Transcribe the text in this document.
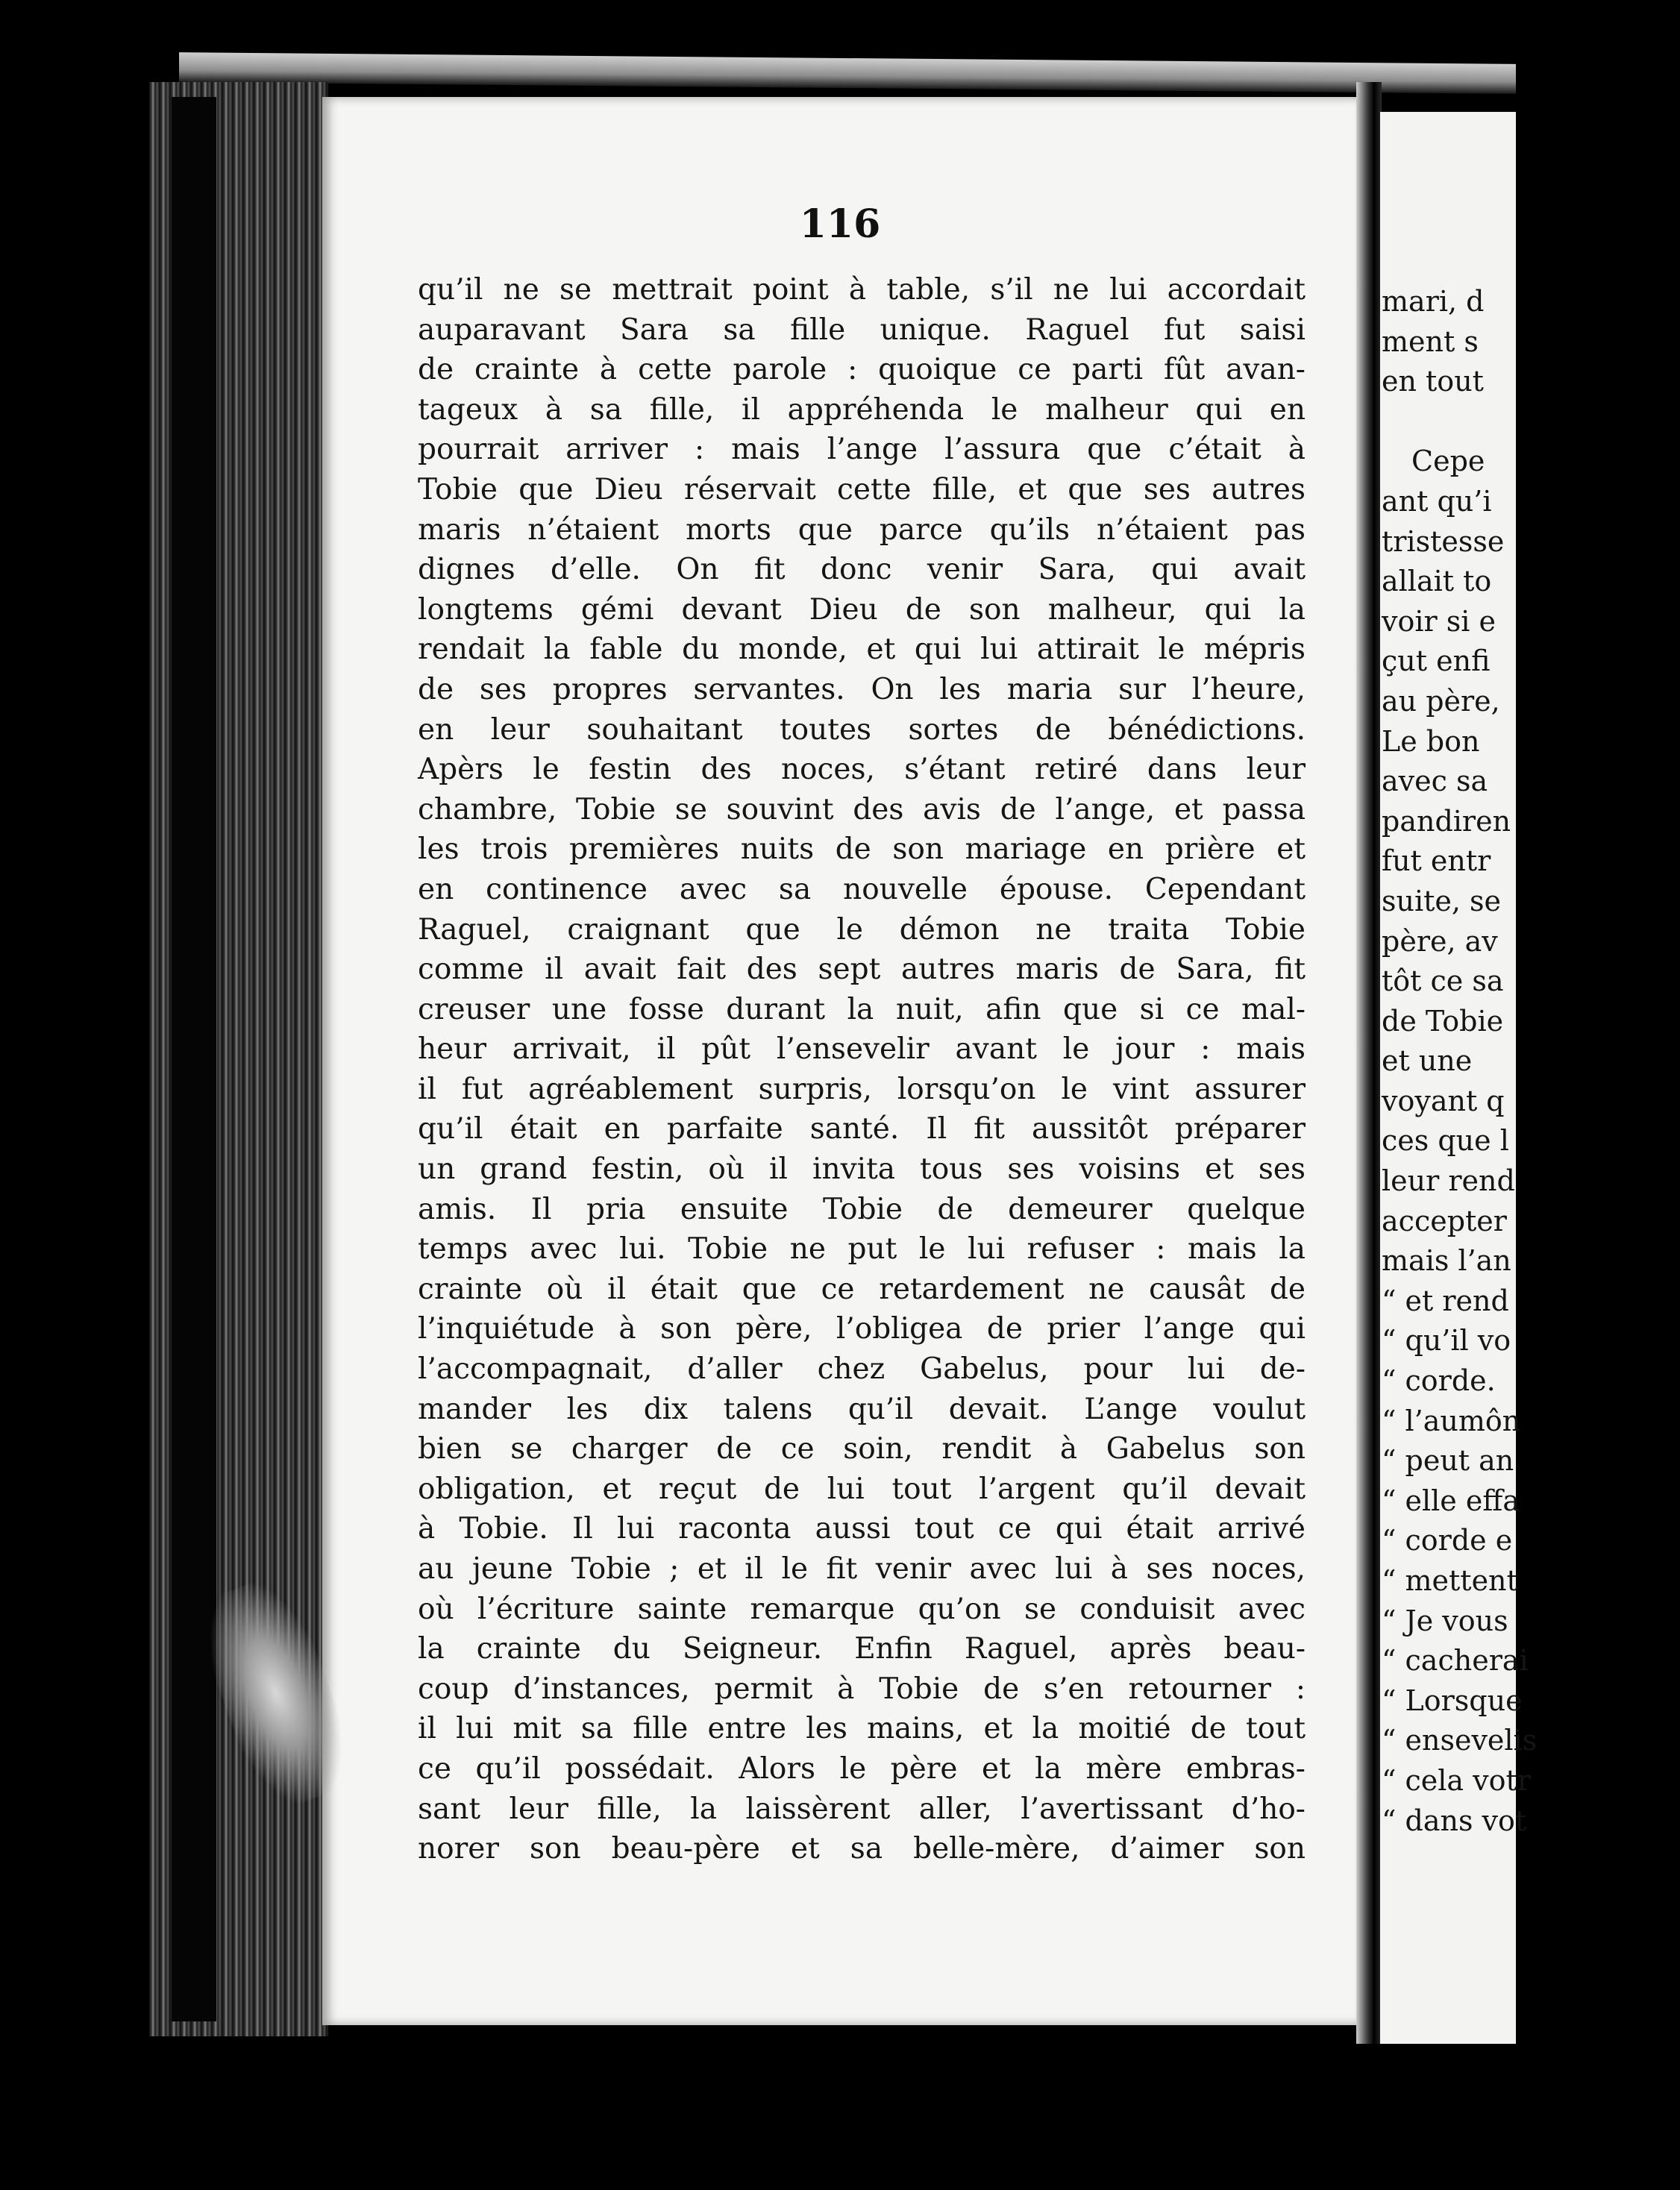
116
qu’il ne se mettrait point à table, s’il ne lui accordait
auparavant Sara sa fille unique. Raguel fut saisi
de crainte à cette parole : quoique ce parti fût avan-
tageux à sa fille, il appréhenda le malheur qui en
pourrait arriver : mais l’ange l’assura que c’était à
Tobie que Dieu réservait cette fille, et que ses autres
maris n’étaient morts que parce qu’ils n’étaient pas
dignes d’elle. On fit donc venir Sara, qui avait
longtems gémi devant Dieu de son malheur, qui la
rendait la fable du monde, et qui lui attirait le mépris
de ses propres servantes. On les maria sur l’heure,
en leur souhaitant toutes sortes de bénédictions.
Apèrs le festin des noces, s’étant retiré dans leur
chambre, Tobie se souvint des avis de l’ange, et passa
les trois premières nuits de son mariage en prière et
en continence avec sa nouvelle épouse. Cependant
Raguel, craignant que le démon ne traita Tobie
comme il avait fait des sept autres maris de Sara, fit
creuser une fosse durant la nuit, afin que si ce mal-
heur arrivait, il pût l’ensevelir avant le jour : mais
il fut agréablement surpris, lorsqu’on le vint assurer
qu’il était en parfaite santé. Il fit aussitôt préparer
un grand festin, où il invita tous ses voisins et ses
amis. Il pria ensuite Tobie de demeurer quelque
temps avec lui. Tobie ne put le lui refuser : mais la
crainte où il était que ce retardement ne causât de
l’inquiétude à son père, l’obligea de prier l’ange qui
l’accompagnait, d’aller chez Gabelus, pour lui de-
mander les dix talens qu’il devait. L’ange voulut
bien se charger de ce soin, rendit à Gabelus son
obligation, et reçut de lui tout l’argent qu’il devait
à Tobie. Il lui raconta aussi tout ce qui était arrivé
au jeune Tobie ; et il le fit venir avec lui à ses noces,
où l’écriture sainte remarque qu’on se conduisit avec
la crainte du Seigneur. Enfin Raguel, après beau-
coup d’instances, permit à Tobie de s’en retourner :
il lui mit sa fille entre les mains, et la moitié de tout
ce qu’il possédait. Alors le père et la mère embras-
sant leur fille, la laissèrent aller, l’avertissant d’ho-
norer son beau-père et sa belle-mère, d’aimer son
mari, d
ment s
en tout
Cepe
ant qu’i
tristesse
allait to
voir si e
çut enfi
au père,
Le bon
avec sa
pandiren
fut entr
suite, se
père, av
tôt ce sa
de Tobie
et une
voyant q
ces que l
leur rend
accepter
mais l’an
“ et rend
“ qu’il vo
“ corde.
“ l’aumôn
“ peut an
“ elle effa
“ corde e
“ mettent
“ Je vous
“ cacherai
“ Lorsque
“ ensevelis
“ cela votr
“ dans vot
